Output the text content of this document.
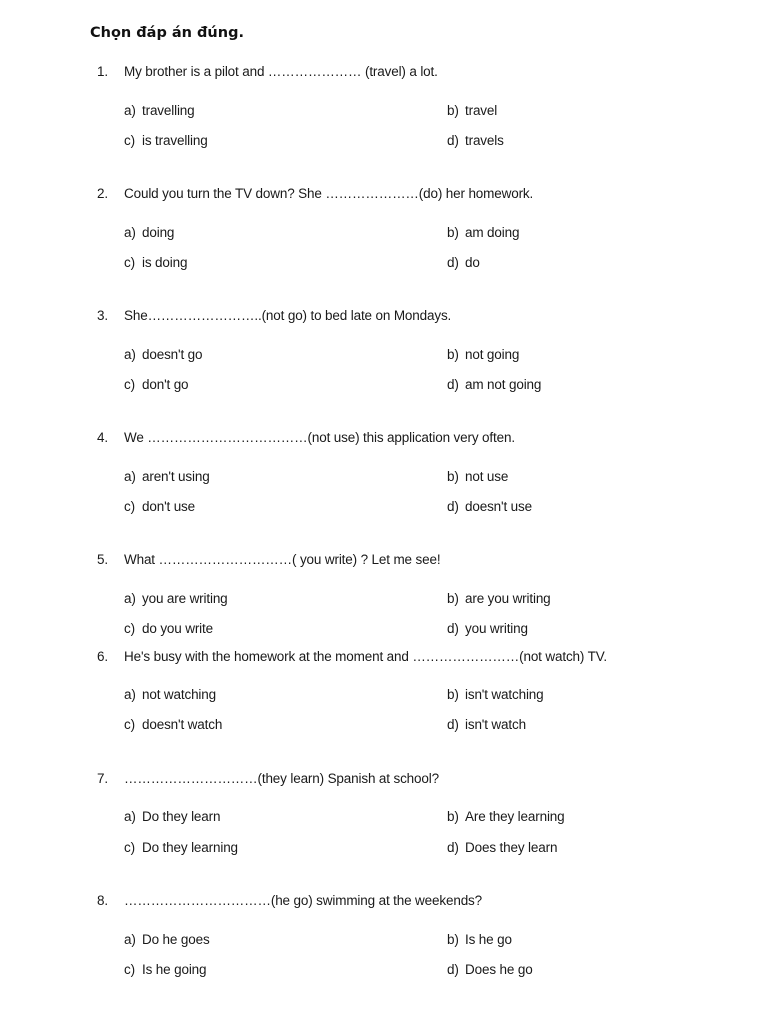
Chọn đáp án đúng.
1. My brother is a pilot and ………………… (travel) a lot.
a) travelling	b) travel
c) is travelling	d) travels
2. Could you turn the TV down? She …………………(do) her homework.
a) doing	b) am doing
c) is doing	d) do
3. She……………………..(not go) to bed late on Mondays.
a) doesn't go	b) not going
c) don't go	d) am not going
4. We ………………………………(not use) this application very often.
a) aren't using	b) not use
c) don't use	d) doesn't use
5. What …………………………( you write) ? Let me see!
a) you are writing	b) are you writing
c) do you write	d) you writing
6. He's busy with the homework at the moment and ……………………(not watch) TV.
a) not watching	b) isn't watching
c) doesn't watch	d) isn't watch
7. …………………………(they learn) Spanish at school?
a) Do they learn	b) Are they learning
c) Do they learning	d) Does they learn
8. ……………………………(he go) swimming at the weekends?
a) Do he goes	b) Is he go
c) Is he going	d) Does he go
